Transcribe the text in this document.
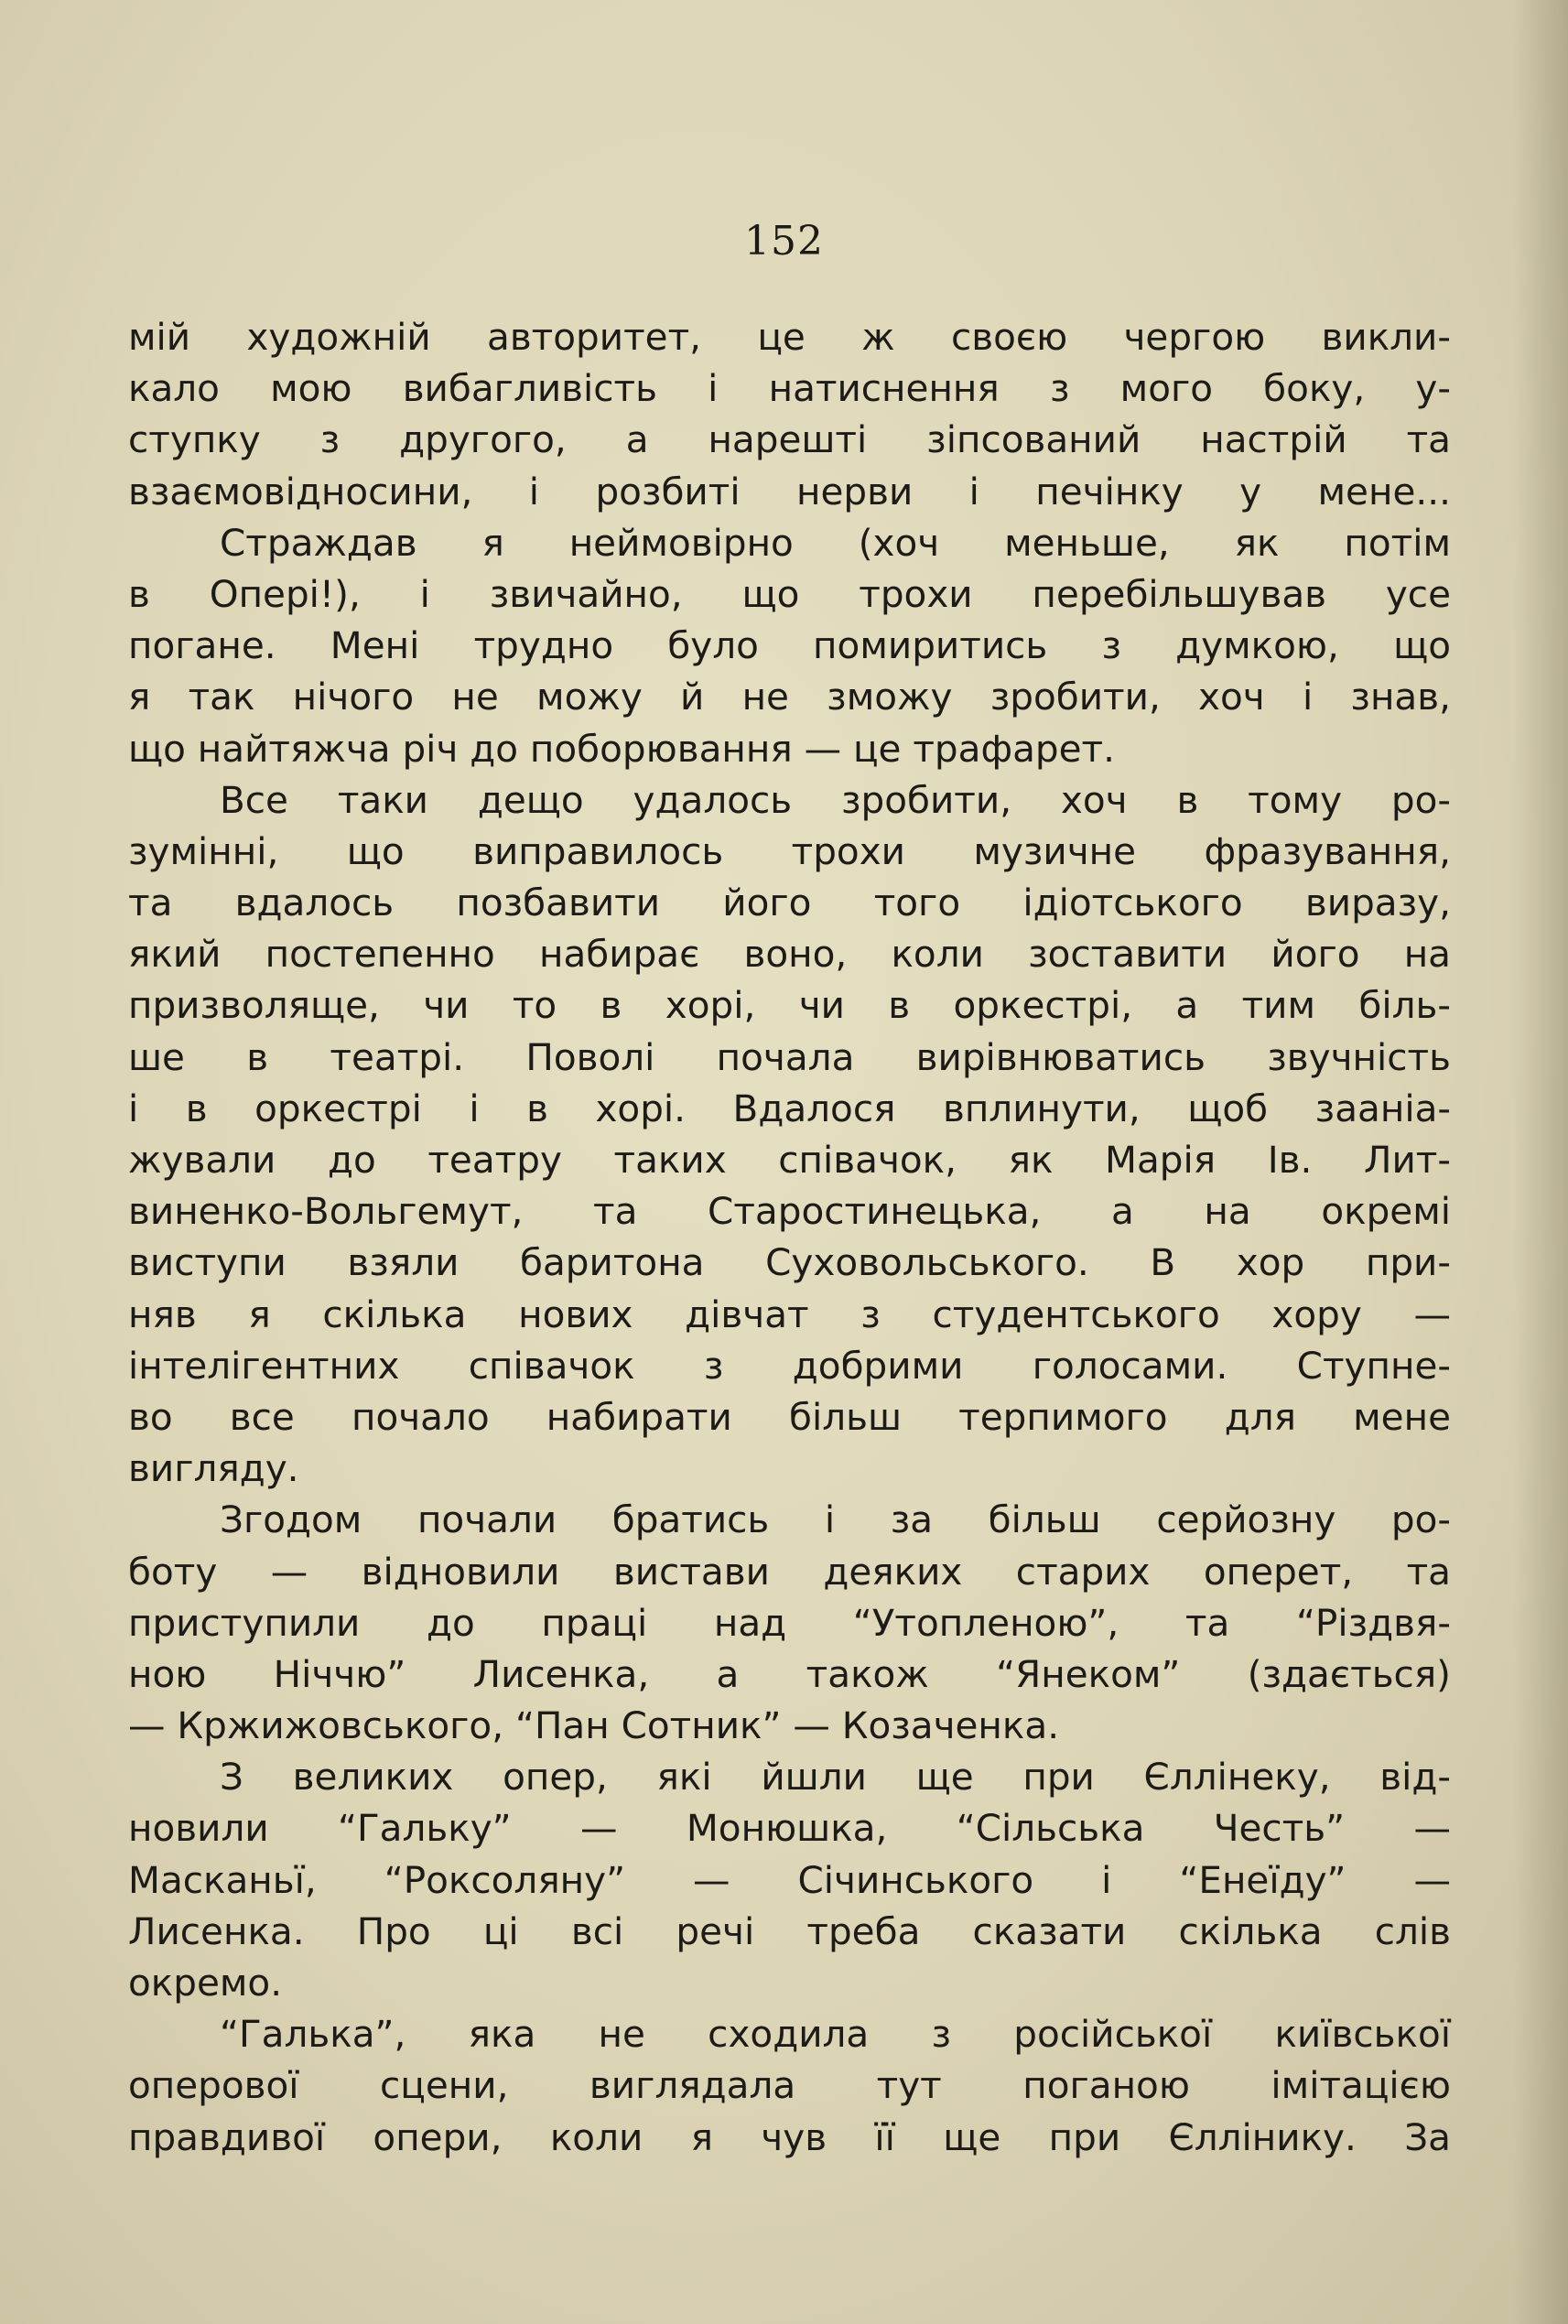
152
мій художній авторитет, це ж своєю чергою викли-
кало мою вибагливість і натиснення з мого боку, у-
ступку з другого, а нарешті зіпсований настрій та
взаємовідносини, і розбиті нерви і печінку у мене...
Страждав я неймовірно (хоч меньше, як потім
в Опері!), і звичайно, що трохи перебільшував усе
погане. Мені трудно було помиритись з думкою, що
я так нічого не можу й не зможу зробити, хоч і знав,
що найтяжча річ до поборювання — це трафарет.
Все таки дещо удалось зробити, хоч в тому ро-
зумінні, що виправилось трохи музичне фразування,
та вдалось позбавити його того ідіотського виразу,
який постепенно набирає воно, коли зоставити його на
призволяще, чи то в хорі, чи в оркестрі, а тим біль-
ше в театрі. Поволі почала вирівнюватись звучність
і в оркестрі і в хорі. Вдалося вплинути, щоб зааніа-
жували до театру таких співачок, як Марія Ів. Лит-
виненко-Вольгемут, та Старостинецька, а на окремі
виступи взяли баритона Суховольського. В хор при-
няв я скілька нових дівчат з студентського хору —
інтелігентних співачок з добрими голосами. Ступне-
во все почало набирати більш терпимого для мене
вигляду.
Згодом почали братись і за більш серйозну ро-
боту — відновили вистави деяких старих оперет, та
приступили до праці над “Утопленою”, та “Різдвя-
ною Ніччю” Лисенка, а також “Янеком” (здається)
— Кржижовського, “Пан Сотник” — Козаченка.
З великих опер, які йшли ще при Єллінеку, від-
новили “Гальку” — Монюшка, “Сільська Честь” —
Масканьї, “Роксоляну” — Січинського і “Енеїду” —
Лисенка. Про ці всі речі треба сказати скілька слів
окремо.
“Галька”, яка не сходила з російської київської
оперової сцени, виглядала тут поганою імітацією
правдивої опери, коли я чув її ще при Єллінику. За
